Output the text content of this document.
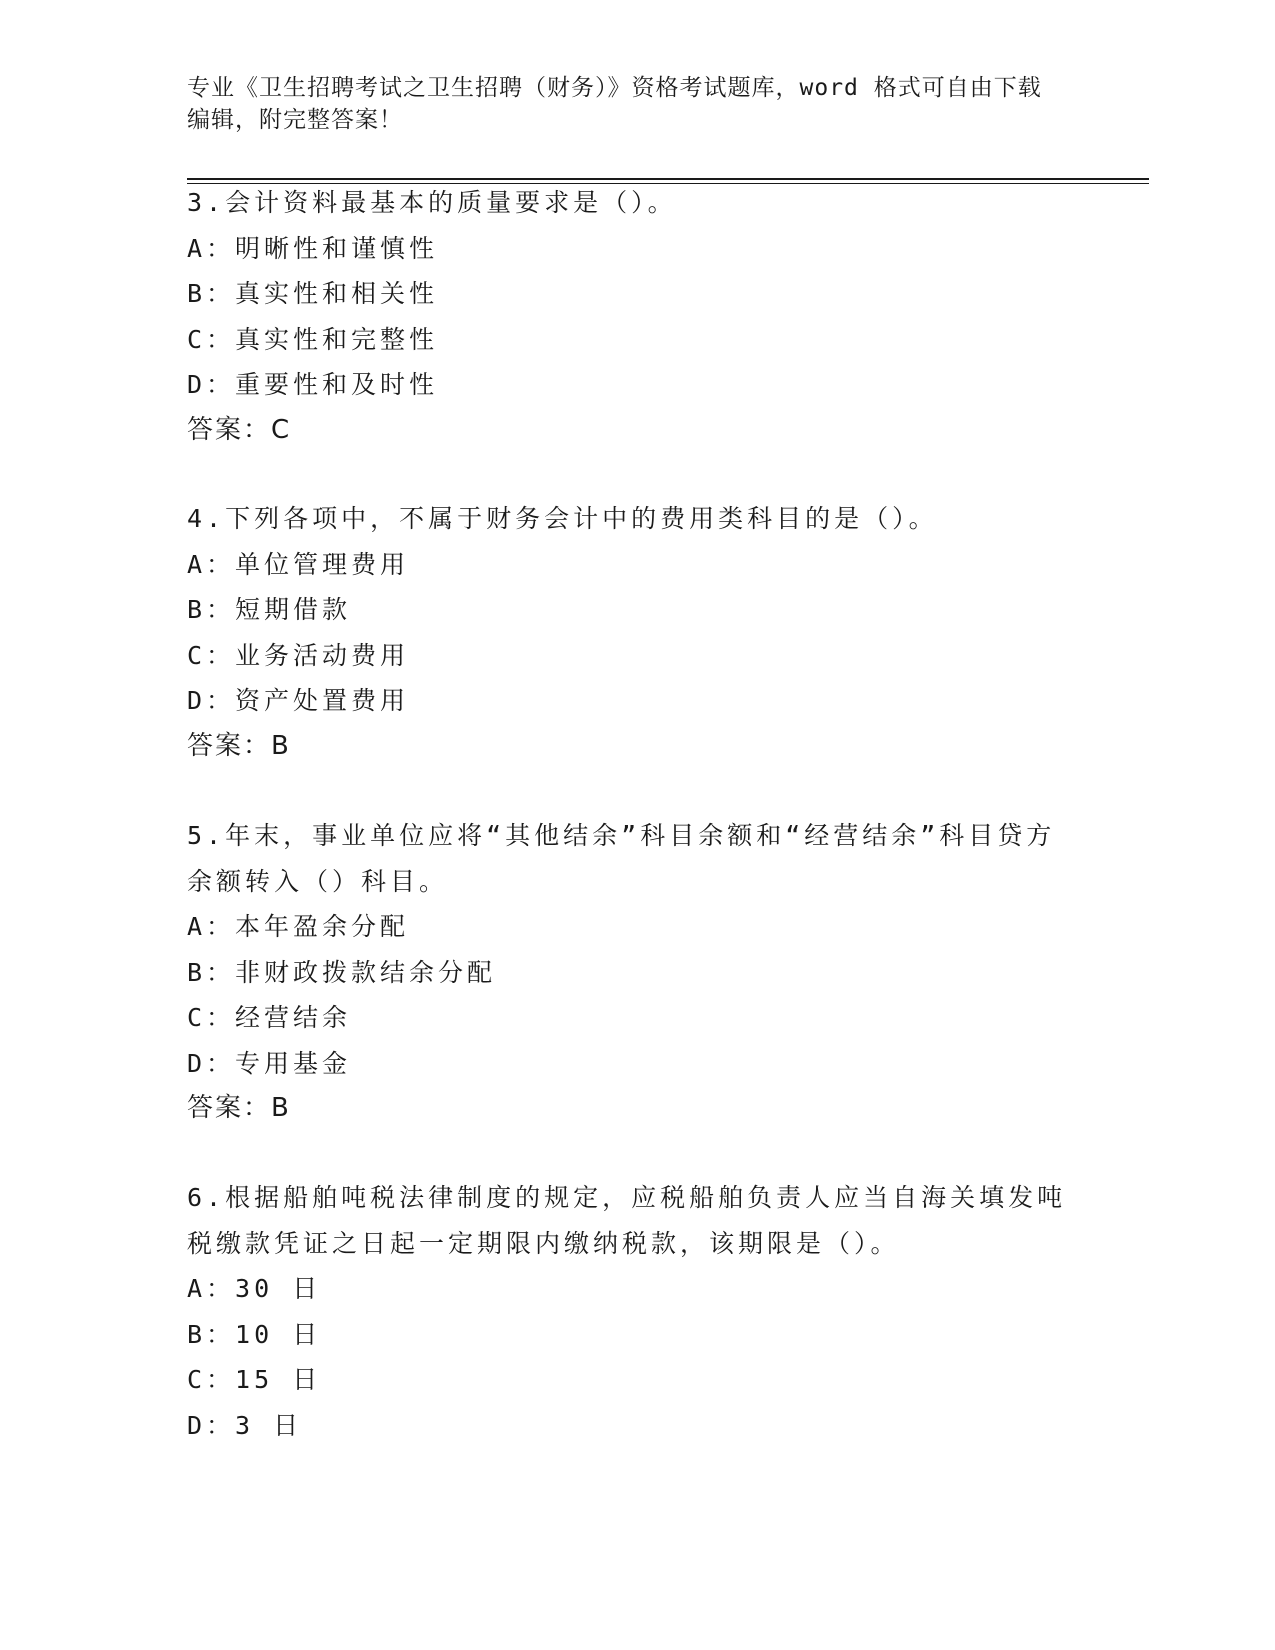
专业《卫生招聘考试之卫生招聘（财务）》资格考试题库，word 格式可自由下载
编辑，附完整答案！
3.会计资料最基本的质量要求是（）。
A：明晰性和谨慎性
B：真实性和相关性
C：真实性和完整性
D：重要性和及时性
答案：C
4.下列各项中，不属于财务会计中的费用类科目的是（）。
A：单位管理费用
B：短期借款
C：业务活动费用
D：资产处置费用
答案：B
5.年末，事业单位应将“其他结余”科目余额和“经营结余”科目贷方余额转入（）科目。
A：本年盈余分配
B：非财政拨款结余分配
C：经营结余
D：专用基金
答案：B
6.根据船舶吨税法律制度的规定，应税船舶负责人应当自海关填发吨税缴款凭证之日起一定期限内缴纳税款，该期限是（）。
A：30 日
B：10 日
C：15 日
D：3 日
